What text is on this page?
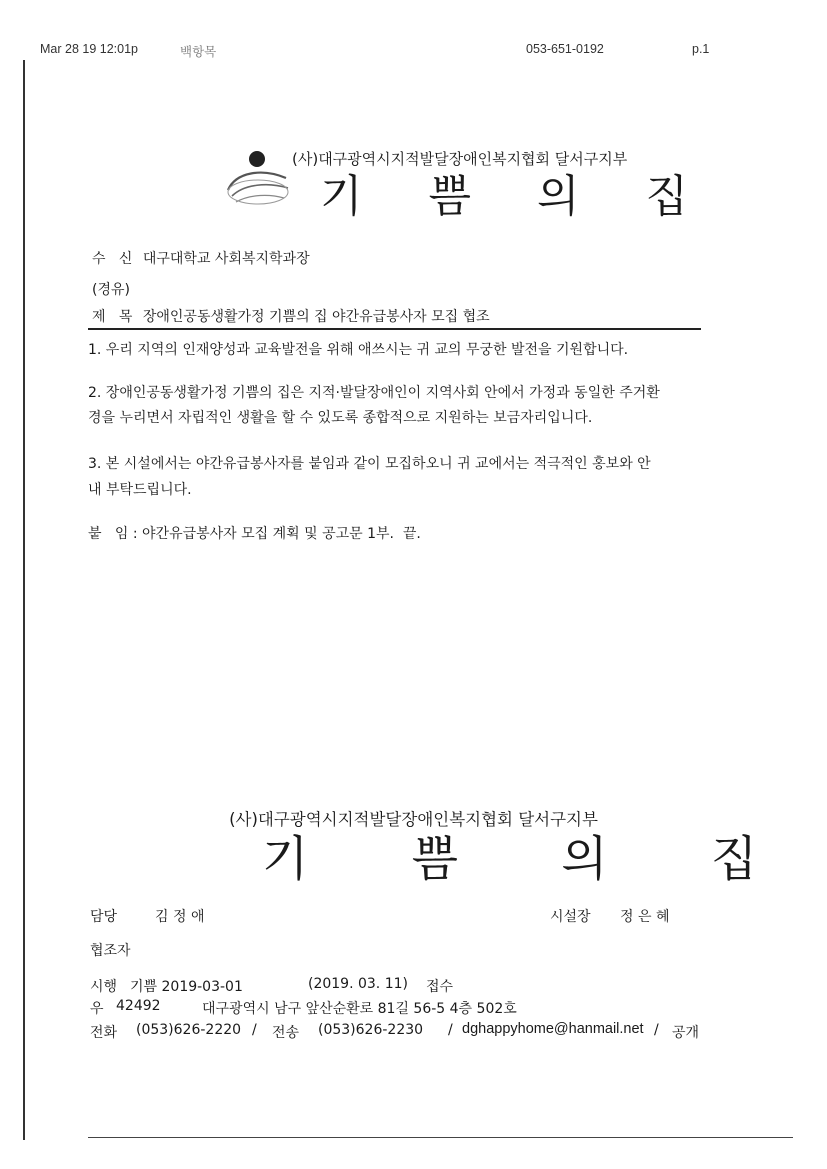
Mar 28 19 12:01p	백항목	053-651-0192	p.1
(사)대구광역시지적발달장애인복지협회 달서구지부
기 쁨 의 집
수   신 대구대학교 사회복지학과장
(경유)
제   목 장애인공동생활가정 기쁨의 집 야간유급봉사자 모집 협조
1. 우리 지역의 인재양성과 교육발전을 위해 애쓰시는 귀 교의 무궁한 발전을 기원합니다.
2. 장애인공동생활가정 기쁨의 집은 지적·발달장애인이 지역사회 안에서 가정과 동일한 주거환
경을 누리면서 자립적인 생활을 할 수 있도록 종합적으로 지원하는 보금자리입니다.
3. 본 시설에서는 야간유급봉사자를 붙임과 같이 모집하오니 귀 교에서는 적극적인 홍보와 안
내 부탁드립니다.
붙   임 : 야간유급봉사자 모집 계획 및 공고문 1부.  끝.
(사)대구광역시지적발달장애인복지협회 달서구지부
기 쁨 의 집
담당	김 정 애	시설장 정 은 혜
협조자
시행 기쁨 2019-03-01	(2019. 03. 11) 접수
우 42492	대구광역시 남구 앞산순환로 81길 56-5 4층 502호
전화 (053)626-2220 / 전송 (053)626-2230 / dghappyhome@hanmail.net / 공개
